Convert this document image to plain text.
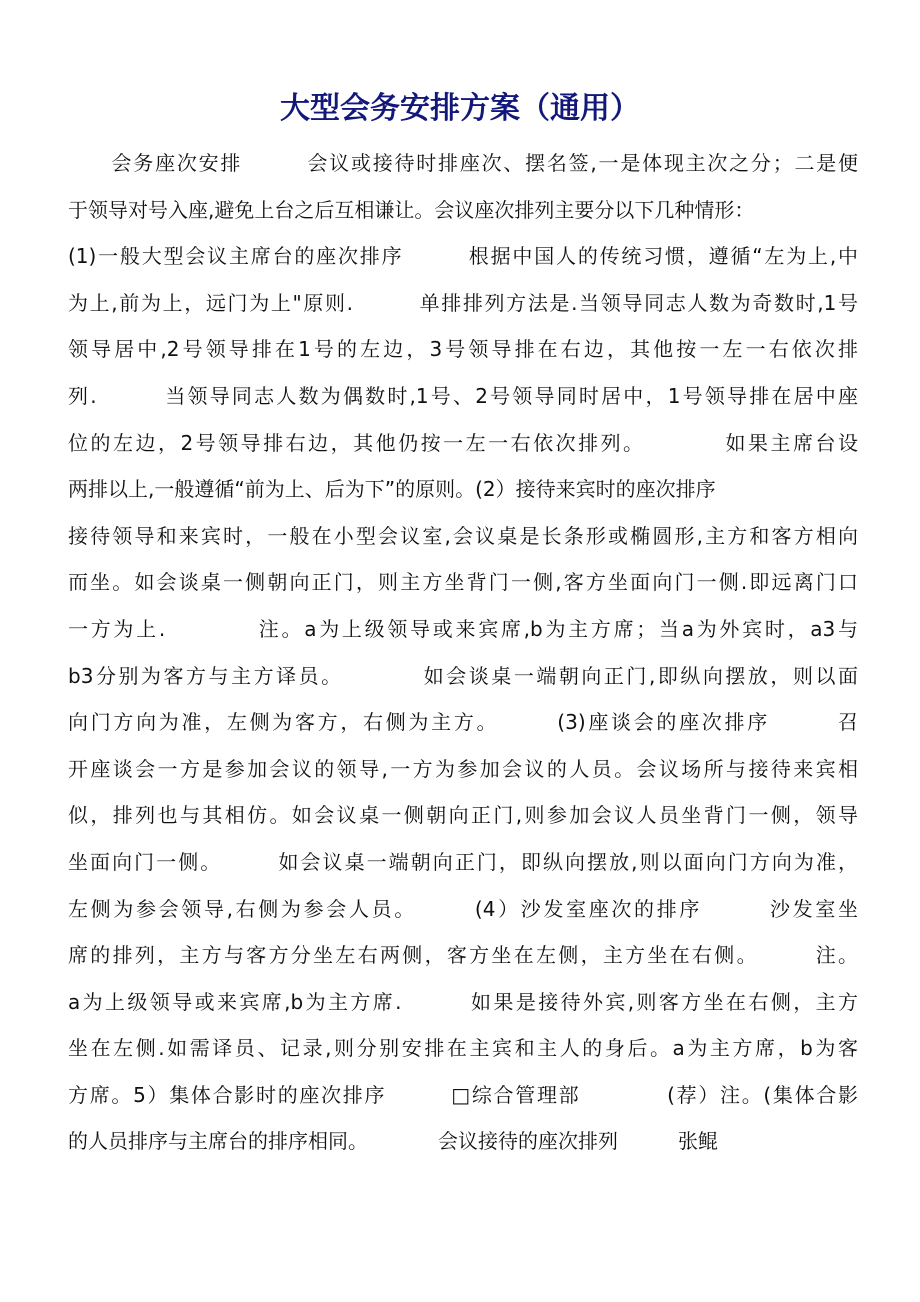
大型会务安排方案（通用）
　　会务座次安排　　　会议或接待时排座次、摆名签,一是体现主次之分；二是便
于领导对号入座,避免上台之后互相谦让。会议座次排列主要分以下几种情形：
(1)一般大型会议主席台的座次排序　　　根据中国人的传统习惯，遵循“左为上,中
为上,前为上，远门为上"原则.　　　单排排列方法是.当领导同志人数为奇数时,1号
领导居中,2号领导排在1号的左边，3号领导排在右边，其他按一左一右依次排
列.　　　当领导同志人数为偶数时,1号、2号领导同时居中，1号领导排在居中座
位的左边，2号领导排右边，其他仍按一左一右依次排列。　　　　如果主席台设
两排以上,一般遵循“前为上、后为下”的原则。(2）接待来宾时的座次排序
接待领导和来宾时，一般在小型会议室,会议桌是长条形或椭圆形,主方和客方相向
而坐。如会谈桌一侧朝向正门，则主方坐背门一侧,客方坐面向门一侧.即远离门口
一方为上.　　　　注。a为上级领导或来宾席,b为主方席；当a为外宾时，a3与
b3分别为客方与主方译员。　　　　如会谈桌一端朝向正门,即纵向摆放，则以面
向门方向为准，左侧为客方，右侧为主方。　　　(3)座谈会的座次排序　　　召
开座谈会一方是参加会议的领导,一方为参加会议的人员。会议场所与接待来宾相
似，排列也与其相仿。如会议桌一侧朝向正门,则参加会议人员坐背门一侧，领导
坐面向门一侧。　　　如会议桌一端朝向正门，即纵向摆放,则以面向门方向为准，
左侧为参会领导,右侧为参会人员。　　　(4）沙发室座次的排序　　　沙发室坐
席的排列，主方与客方分坐左右两侧，客方坐在左侧，主方坐在右侧。　　　注。
a为上级领导或来宾席,b为主方席.　　　如果是接待外宾,则客方坐在右侧，主方
坐在左侧.如需译员、记录,则分别安排在主宾和主人的身后。a为主方席，b为客
方席。5）集体合影时的座次排序　　　□综合管理部　　　　(荐）注。(集体合影
的人员排序与主席台的排序相同。　　　　会议接待的座次排列　　　张鲲
